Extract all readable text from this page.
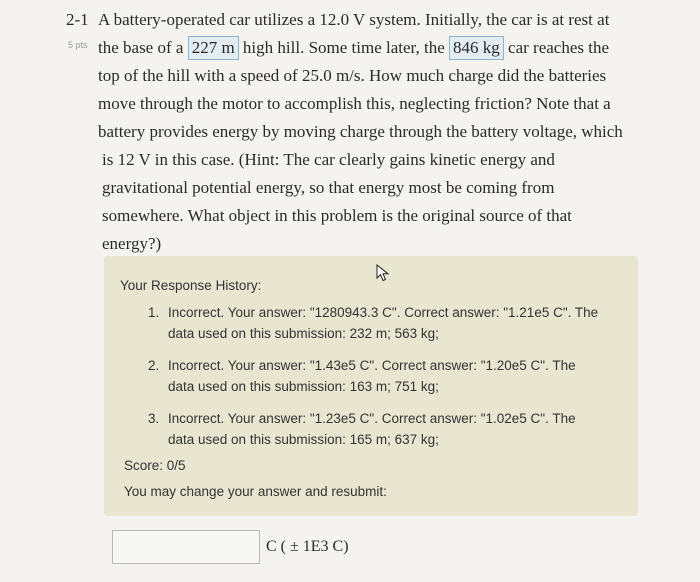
2-1
5 pts
A battery-operated car utilizes a 12.0 V system. Initially, the car is at rest at
the base of a 227 m high hill. Some time later, the 846 kg car reaches the
top of the hill with a speed of 25.0 m/s. How much charge did the batteries
move through the motor to accomplish this, neglecting friction? Note that a
battery provides energy by moving charge through the battery voltage, which
is 12 V in this case. (Hint: The car clearly gains kinetic energy and
gravitational potential energy, so that energy most be coming from
somewhere. What object in this problem is the original source of that
energy?)
Your Response History:
1. Incorrect. Your answer: "1280943.3 C". Correct answer: "1.21e5 C". The
data used on this submission: 232 m; 563 kg;
2. Incorrect. Your answer: "1.43e5 C". Correct answer: "1.20e5 C". The
data used on this submission: 163 m; 751 kg;
3. Incorrect. Your answer: "1.23e5 C". Correct answer: "1.02e5 C". The
data used on this submission: 165 m; 637 kg;
Score: 0/5
You may change your answer and resubmit:
C ( ± 1E3 C)
